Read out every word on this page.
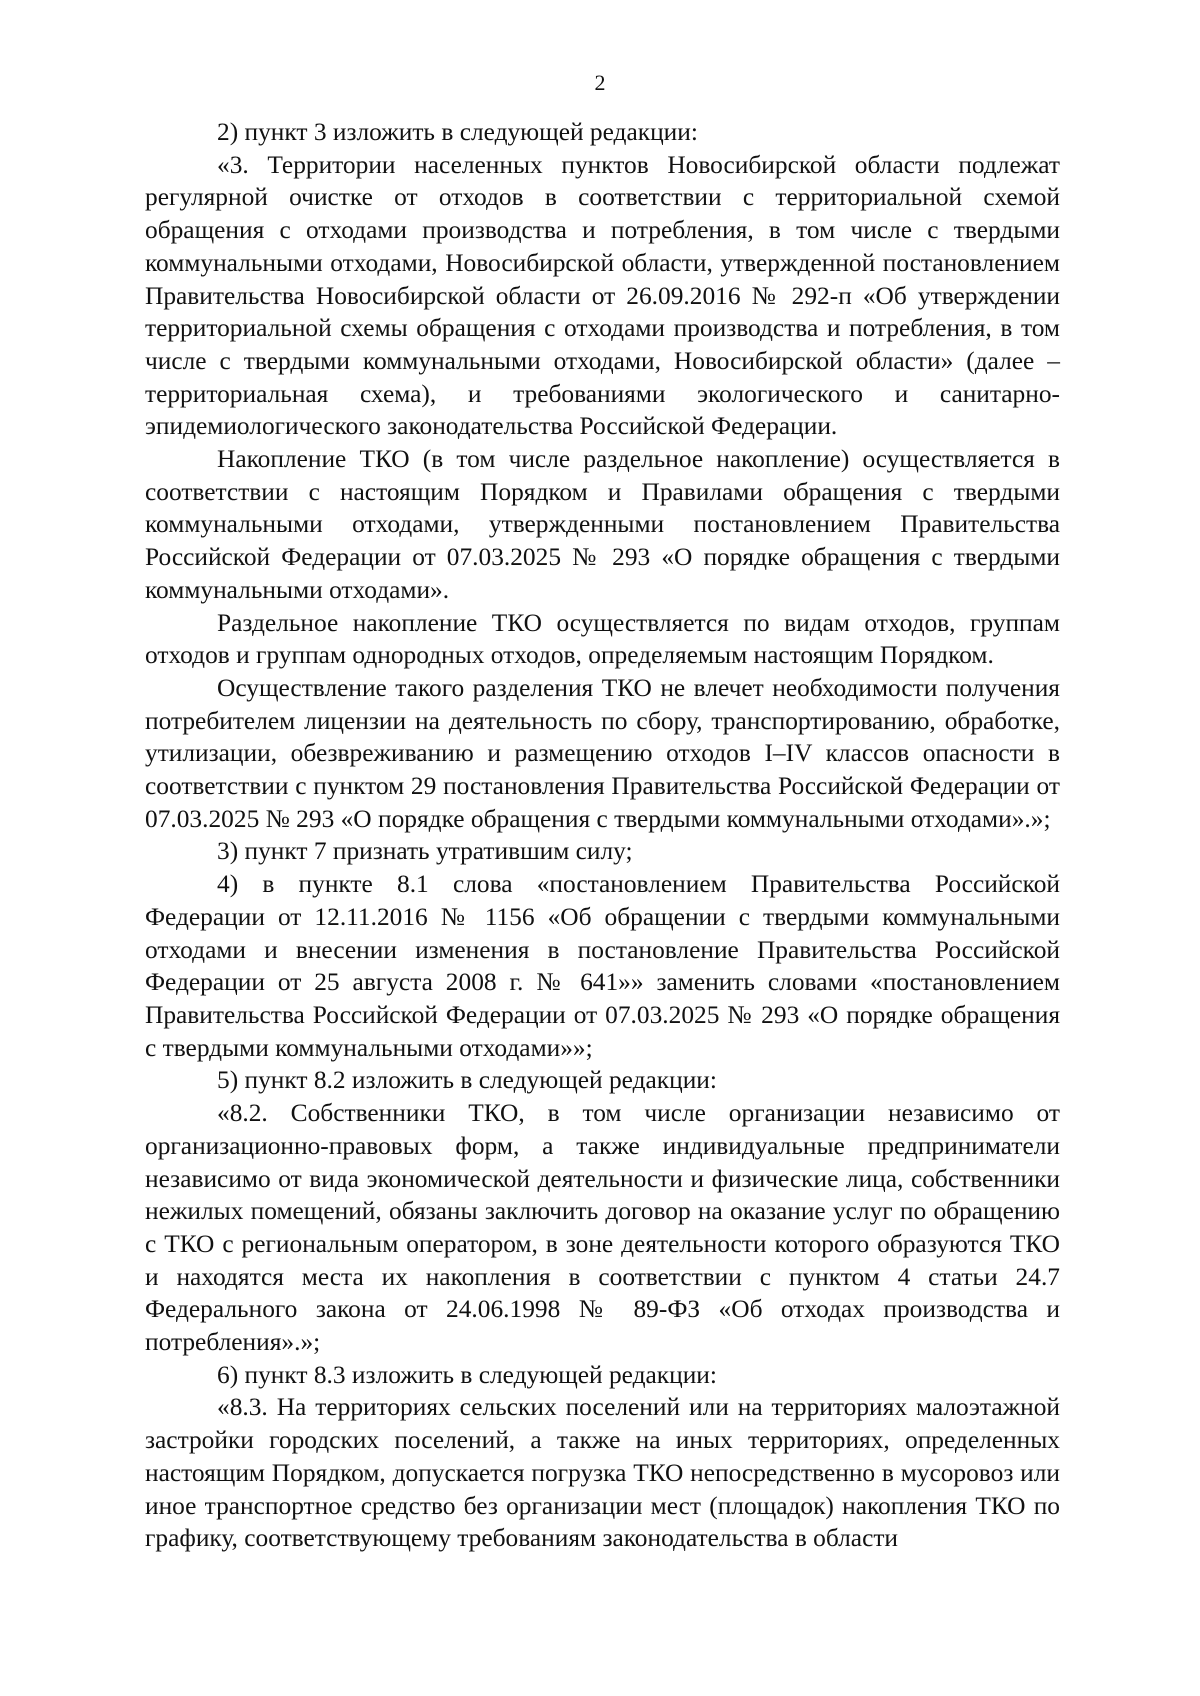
2

2) пункт 3 изложить в следующей редакции:

«3. Территории населенных пунктов Новосибирской области подлежат регулярной очистке от отходов в соответствии с территориальной схемой обращения с отходами производства и потребления, в том числе с твердыми коммунальными отходами, Новосибирской области, утвержденной постановлением Правительства Новосибирской области от 26.09.2016 № 292-п «Об утверждении территориальной схемы обращения с отходами производства и потребления, в том числе с твердыми коммунальными отходами, Новосибирской области» (далее – территориальная схема), и требованиями экологического и санитарно-эпидемиологического законодательства Российской Федерации.

Накопление ТКО (в том числе раздельное накопление) осуществляется в соответствии с настоящим Порядком и Правилами обращения с твердыми коммунальными отходами, утвержденными постановлением Правительства Российской Федерации от 07.03.2025 № 293 «О порядке обращения с твердыми коммунальными отходами».

Раздельное накопление ТКО осуществляется по видам отходов, группам отходов и группам однородных отходов, определяемым настоящим Порядком.

Осуществление такого разделения ТКО не влечет необходимости получения потребителем лицензии на деятельность по сбору, транспортированию, обработке, утилизации, обезвреживанию и размещению отходов I–IV классов опасности в соответствии с пунктом 29 постановления Правительства Российской Федерации от 07.03.2025 № 293 «О порядке обращения с твердыми коммунальными отходами».»;

3) пункт 7 признать утратившим силу;

4) в пункте 8.1 слова «постановлением Правительства Российской Федерации от 12.11.2016 № 1156 «Об обращении с твердыми коммунальными отходами и внесении изменения в постановление Правительства Российской Федерации от 25 августа 2008 г. № 641»» заменить словами «постановлением Правительства Российской Федерации от 07.03.2025 № 293 «О порядке обращения с твердыми коммунальными отходами»»;

5) пункт 8.2 изложить в следующей редакции:

«8.2. Собственники ТКО, в том числе организации независимо от организационно-правовых форм, а также индивидуальные предприниматели независимо от вида экономической деятельности и физические лица, собственники нежилых помещений, обязаны заключить договор на оказание услуг по обращению с ТКО с региональным оператором, в зоне деятельности которого образуются ТКО и находятся места их накопления в соответствии с пунктом 4 статьи 24.7 Федерального закона от 24.06.1998 № 89-ФЗ «Об отходах производства и потребления».»;

6) пункт 8.3 изложить в следующей редакции:

«8.3. На территориях сельских поселений или на территориях малоэтажной застройки городских поселений, а также на иных территориях, определенных настоящим Порядком, допускается погрузка ТКО непосредственно в мусоровоз или иное транспортное средство без организации мест (площадок) накопления ТКО по графику, соответствующему требованиям законодательства в области
